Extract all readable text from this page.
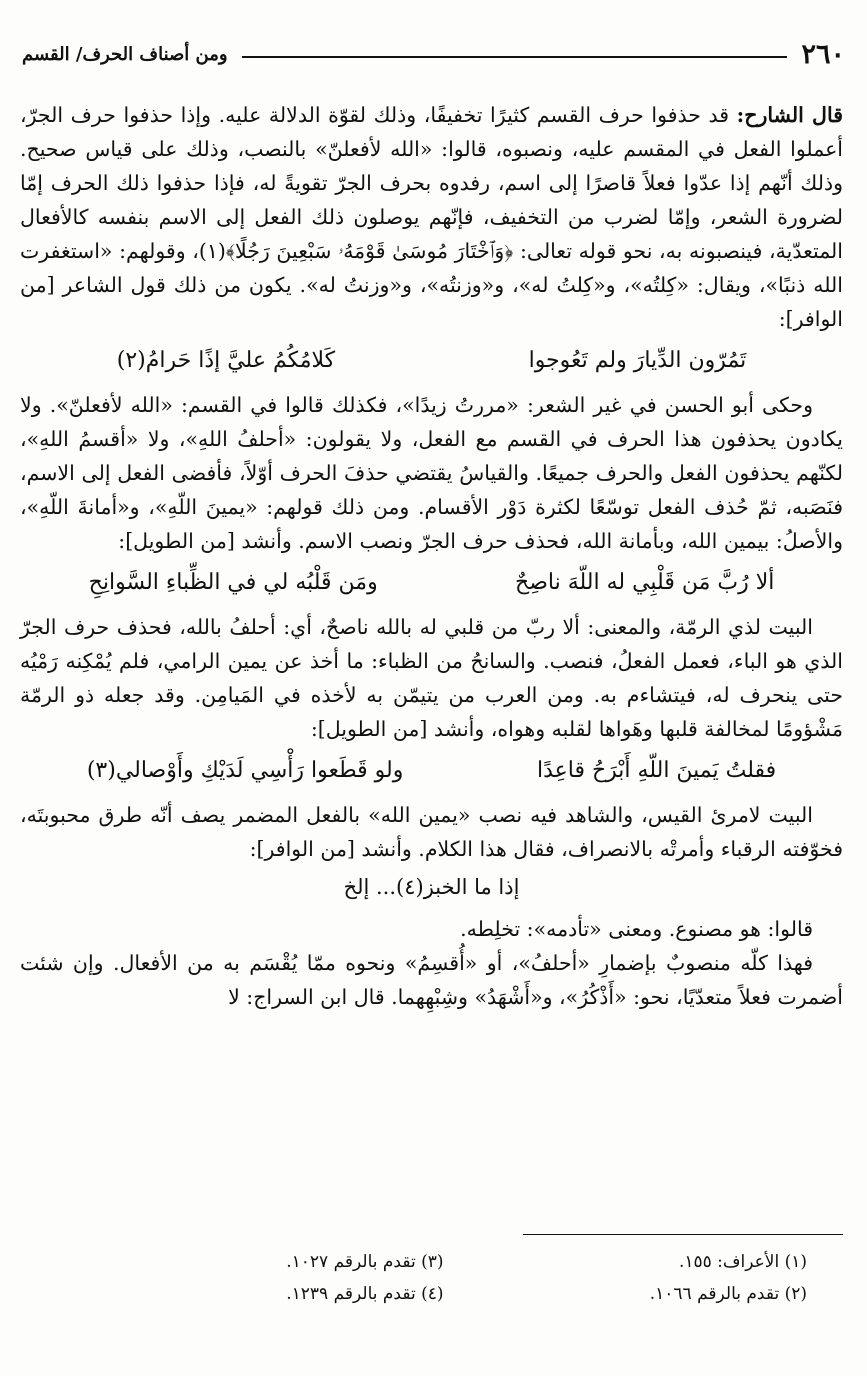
٢٦٠
ومن أصناف الحرف/ القسم

قال الشارح: قد حذفوا حرف القسم كثيرًا تخفيفًا، وذلك لقوّة الدلالة عليه. وإذا حذفوا حرف الجرّ، أعملوا الفعل في المقسم عليه، ونصبوه، قالوا: «الله لأفعلنّ» بالنصب، وذلك على قياس صحيح. وذلك أنّهم إذا عدّوا فعلاً قاصرًا إلى اسم، رفدوه بحرف الجرّ تقويةً له، فإذا حذفوا ذلك الحرف إمّا لضرورة الشعر، وإمّا لضرب من التخفيف، فإنّهم يوصلون ذلك الفعل إلى الاسم بنفسه كالأفعال المتعدّية، فينصبونه به، نحو قوله تعالى: ﴿وَٱخْتَارَ مُوسَىٰ قَوْمَهُۥ سَبْعِينَ رَجُلًا﴾(١)، وقولهم: «استغفرت الله ذنبًا»، ويقال: «كِلتُه»، و«كِلتُ له»، و«وزنتُه»، و«وزنتُ له». يكون من ذلك قول الشاعر [من الوافر]:

تَمُرّون الدِّيارَ ولم تَعُوجوا
كَلامُكُمُ عليَّ إذًا حَرامُ(٢)

وحكى أبو الحسن في غير الشعر: «مررتُ زيدًا»، فكذلك قالوا في القسم: «الله لأفعلنّ». ولا يكادون يحذفون هذا الحرف في القسم مع الفعل، ولا يقولون: «أحلفُ اللهِ»، ولا «أقسمُ اللهِ»، لكنّهم يحذفون الفعل والحرف جميعًا. والقياسُ يقتضي حذفَ الحرف أوّلاً، فأفضى الفعل إلى الاسم، فنَصَبه، ثمّ حُذف الفعل توسّعًا لكثرة دَوْر الأقسام. ومن ذلك قولهم: «يمينَ اللّهِ»، و«أمانةَ اللّهِ»، والأصلُ: بيمين الله، وبأمانة الله، فحذف حرف الجرّ ونصب الاسم. وأنشد [من الطويل]:

ألا رُبَّ مَن قَلْبِي له اللّهَ ناصِحٌ
ومَن قَلْبُه لي في الظِّباءِ السَّوانِحِ

البيت لذي الرمّة، والمعنى: ألا ربّ من قلبي له بالله ناصحٌ، أي: أحلفُ بالله، فحذف حرف الجرّ الذي هو الباء، فعمل الفعلُ، فنصب. والسانحُ من الظباء: ما أخذ عن يمين الرامي، فلم يُمْكِنه رَمْيُه حتى ينحرف له، فيتشاءم به. ومن العرب من يتيمّن به لأخذه في المَيامِن. وقد جعله ذو الرمّة مَشْؤومًا لمخالفة قلبها وهَواها لقلبه وهواه، وأنشد [من الطويل]:

فقلتُ يَمينَ اللّهِ أَبْرَحُ قاعِدًا
ولو قَطَعوا رَأْسِي لَدَيْكِ وأَوْصالي(٣)

البيت لامرئ القيس، والشاهد فيه نصب «يمين الله» بالفعل المضمر يصف أنّه طرق محبوبتَه، فخوّفته الرقباء وأمرتْه بالانصراف، فقال هذا الكلام. وأنشد [من الوافر]:

إذا ما الخبز(٤)... إلخ

قالوا: هو مصنوع. ومعنى «تأدمه»: تخلِطه.

فهذا كلّه منصوبٌ بإضمارِ «أحلفُ»، أو «أُقسِمُ» ونحوه ممّا يُقْسَم به من الأفعال. وإن شئت أضمرت فعلاً متعدّيًا، نحو: «أَذْكُرُ»، و«أَشْهَدُ» وشِبْهِهما. قال ابن السراج: لا

(١) الأعراف: ١٥٥.
(٣) تقدم بالرقم ١٠٢٧.
(٢) تقدم بالرقم ١٠٦٦.
(٤) تقدم بالرقم ١٢٣٩.
